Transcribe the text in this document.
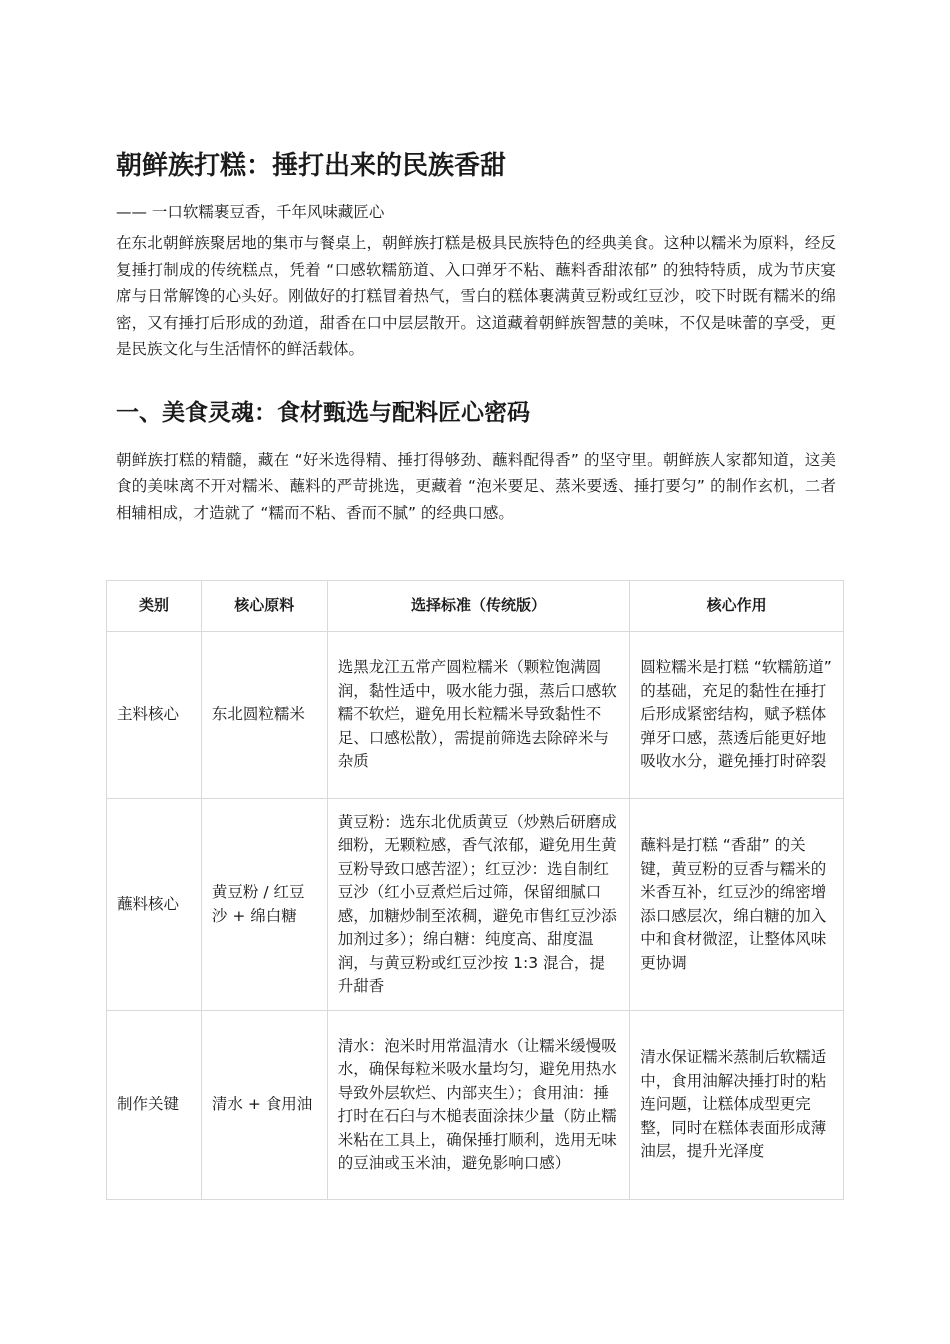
朝鲜族打糕：捶打出来的民族香甜
—— 一口软糯裹豆香，千年风味藏匠心
在东北朝鲜族聚居地的集市与餐桌上，朝鲜族打糕是极具民族特色的经典美食。这种以糯米为原料，经反复捶打制成的传统糕点，凭着 “口感软糯筋道、入口弹牙不粘、蘸料香甜浓郁” 的独特特质，成为节庆宴席与日常解馋的心头好。刚做好的打糕冒着热气，雪白的糕体裹满黄豆粉或红豆沙，咬下时既有糯米的绵密，又有捶打后形成的劲道，甜香在口中层层散开。这道藏着朝鲜族智慧的美味，不仅是味蕾的享受，更是民族文化与生活情怀的鲜活载体。
一、美食灵魂：食材甄选与配料匠心密码
朝鲜族打糕的精髓，藏在 “好米选得精、捶打得够劲、蘸料配得香” 的坚守里。朝鲜族人家都知道，这美食的美味离不开对糯米、蘸料的严苛挑选，更藏着 “泡米要足、蒸米要透、捶打要匀” 的制作玄机，二者相辅相成，才造就了 “糯而不粘、香而不腻” 的经典口感。
类别	核心原料	选择标准（传统版）	核心作用
主料核心	东北圆粒糯米	选黑龙江五常产圆粒糯米（颗粒饱满圆润，黏性适中，吸水能力强，蒸后口感软糯不软烂，避免用长粒糯米导致黏性不足、口感松散），需提前筛选去除碎米与杂质	圆粒糯米是打糕 “软糯筋道” 的基础，充足的黏性在捶打后形成紧密结构，赋予糕体弹牙口感，蒸透后能更好地吸收水分，避免捶打时碎裂
蘸料核心	黄豆粉 / 红豆沙 + 绵白糖	黄豆粉：选东北优质黄豆（炒熟后研磨成细粉，无颗粒感，香气浓郁，避免用生黄豆粉导致口感苦涩）；红豆沙：选自制红豆沙（红小豆煮烂后过筛，保留细腻口感，加糖炒制至浓稠，避免市售红豆沙添加剂过多）；绵白糖：纯度高、甜度温润，与黄豆粉或红豆沙按 1:3 混合，提升甜香	蘸料是打糕 “香甜” 的关键，黄豆粉的豆香与糯米的米香互补，红豆沙的绵密增添口感层次，绵白糖的加入中和食材微涩，让整体风味更协调
制作关键	清水 + 食用油	清水：泡米时用常温清水（让糯米缓慢吸水，确保每粒米吸水量均匀，避免用热水导致外层软烂、内部夹生）；食用油：捶打时在石臼与木槌表面涂抹少量（防止糯米粘在工具上，确保捶打顺利，选用无味的豆油或玉米油，避免影响口感）	清水保证糯米蒸制后软糯适中，食用油解决捶打时的粘连问题，让糕体成型更完整，同时在糕体表面形成薄油层，提升光泽度
